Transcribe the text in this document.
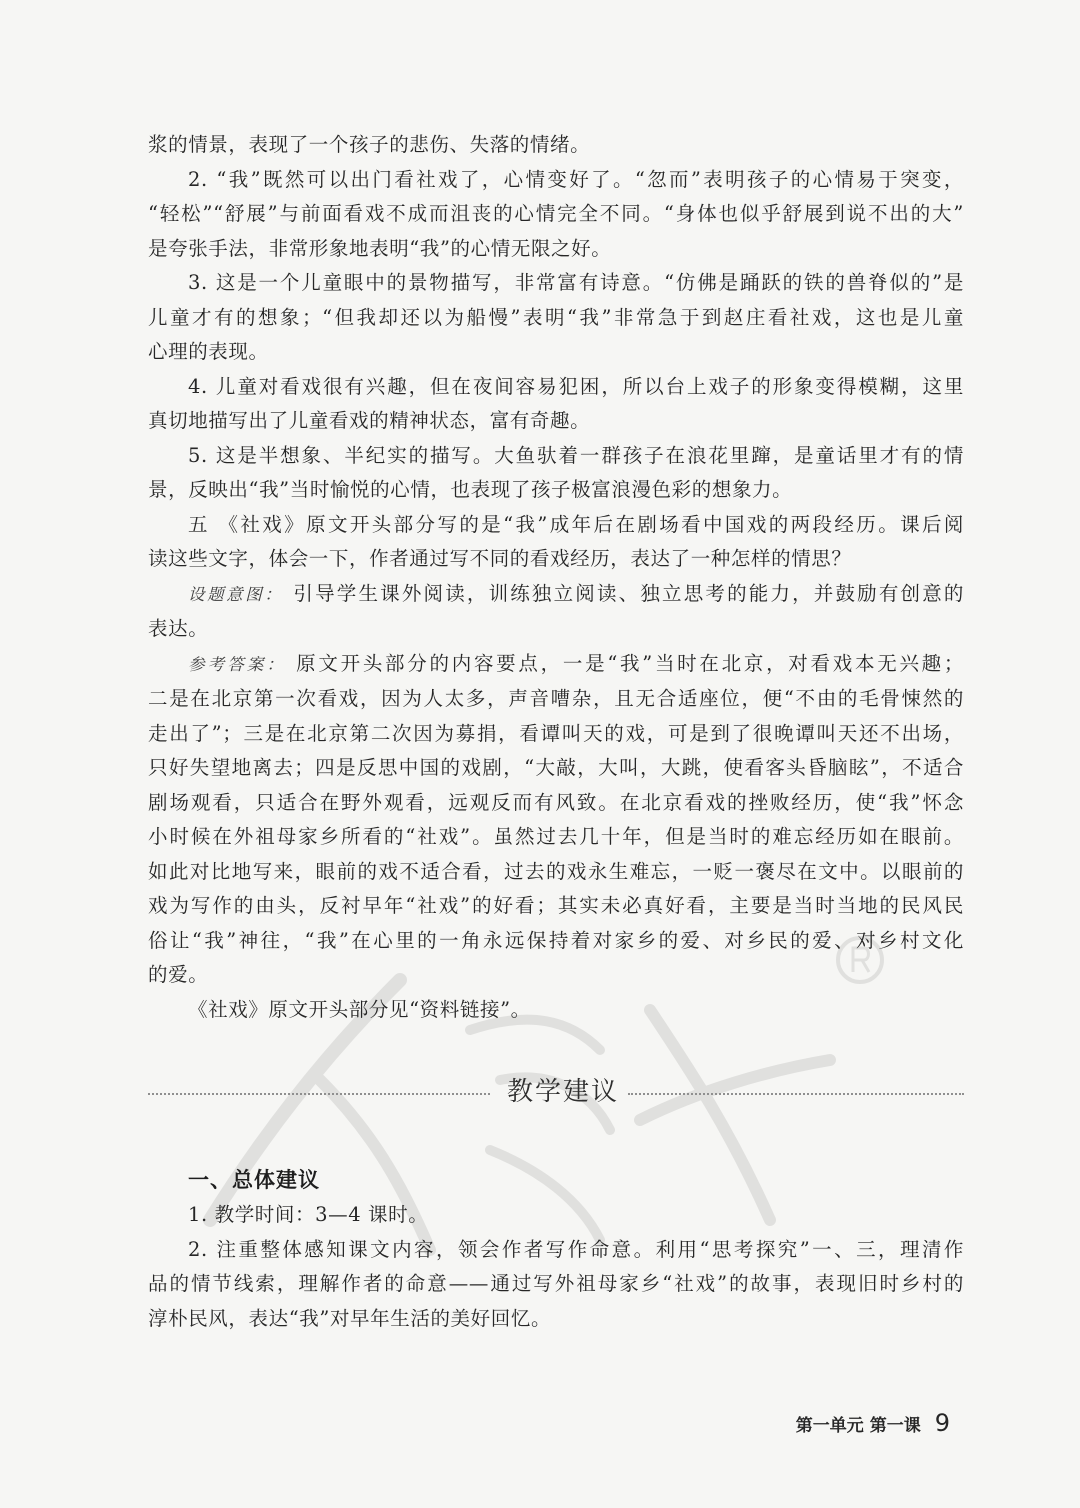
浆的情景，表现了一个孩子的悲伤、失落的情绪。
2. “我”既然可以出门看社戏了，心情变好了。“忽而”表明孩子的心情易于突变，
“轻松”“舒展”与前面看戏不成而沮丧的心情完全不同。“身体也似乎舒展到说不出的大”
是夸张手法，非常形象地表明“我”的心情无限之好。
3. 这是一个儿童眼中的景物描写，非常富有诗意。“仿佛是踊跃的铁的兽脊似的”是
儿童才有的想象；“但我却还以为船慢”表明“我”非常急于到赵庄看社戏，这也是儿童
心理的表现。
4. 儿童对看戏很有兴趣，但在夜间容易犯困，所以台上戏子的形象变得模糊，这里
真切地描写出了儿童看戏的精神状态，富有奇趣。
5. 这是半想象、半纪实的描写。大鱼驮着一群孩子在浪花里蹿，是童话里才有的情
景，反映出“我”当时愉悦的心情，也表现了孩子极富浪漫色彩的想象力。
五 《社戏》原文开头部分写的是“我”成年后在剧场看中国戏的两段经历。课后阅
读这些文字，体会一下，作者通过写不同的看戏经历，表达了一种怎样的情思？
设题意图： 引导学生课外阅读，训练独立阅读、独立思考的能力，并鼓励有创意的
表达。
参考答案： 原文开头部分的内容要点，一是“我”当时在北京，对看戏本无兴趣；
二是在北京第一次看戏，因为人太多，声音嘈杂，且无合适座位，便“不由的毛骨悚然的
走出了”；三是在北京第二次因为募捐，看谭叫天的戏，可是到了很晚谭叫天还不出场，
只好失望地离去；四是反思中国的戏剧，“大敲，大叫，大跳，使看客头昏脑眩”，不适合
剧场观看，只适合在野外观看，远观反而有风致。在北京看戏的挫败经历，使“我”怀念
小时候在外祖母家乡所看的“社戏”。虽然过去几十年，但是当时的难忘经历如在眼前。
如此对比地写来，眼前的戏不适合看，过去的戏永生难忘，一贬一褒尽在文中。以眼前的
戏为写作的由头，反衬早年“社戏”的好看；其实未必真好看，主要是当时当地的民风民
俗让“我”神往，“我”在心里的一角永远保持着对家乡的爱、对乡民的爱、对乡村文化
的爱。
《社戏》原文开头部分见“资料链接”。
教学建议
一、总体建议
1. 教学时间：3—4 课时。
2. 注重整体感知课文内容，领会作者写作命意。利用“思考探究”一、三，理清作
品的情节线索，理解作者的命意——通过写外祖母家乡“社戏”的故事，表现旧时乡村的
淳朴民风，表达“我”对早年生活的美好回忆。
第一单元 第一课 9
